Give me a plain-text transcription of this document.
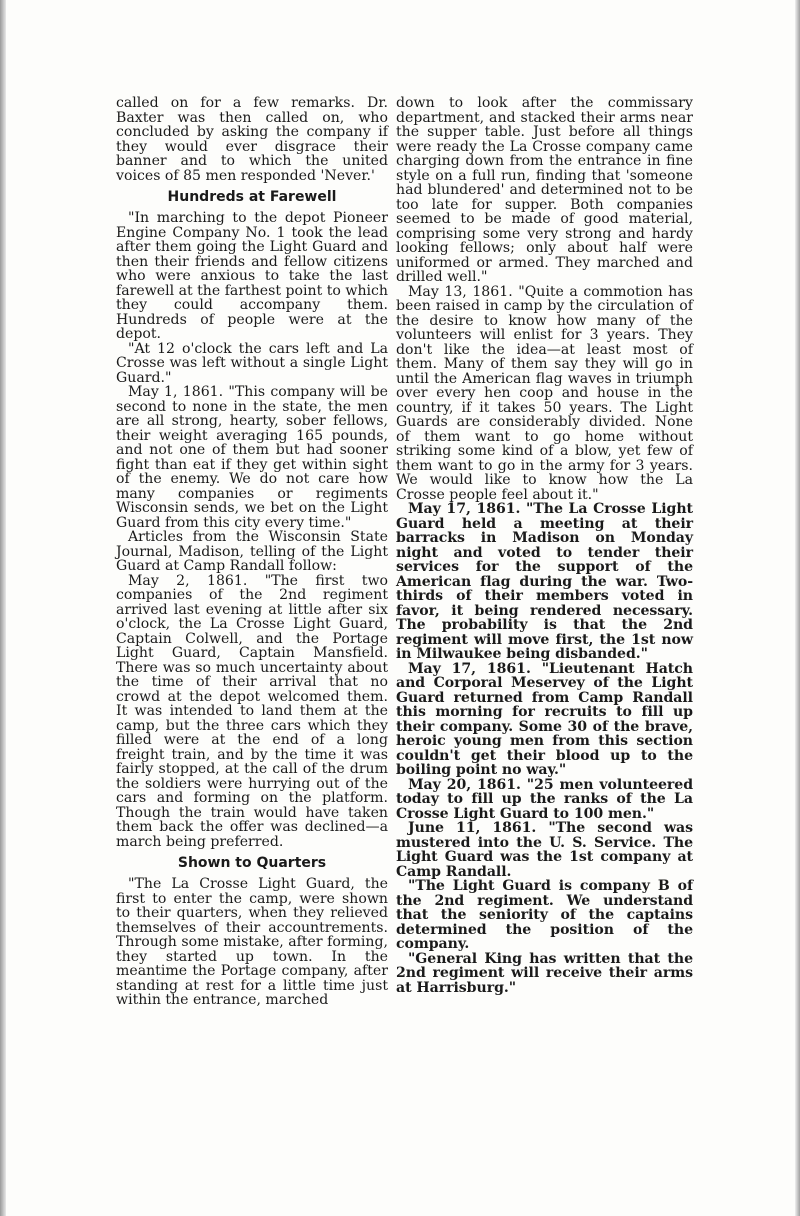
called on for a few remarks. Dr. Baxter was then called on, who concluded by asking the company if they would ever disgrace their banner and to which the united voices of 85 men responded 'Never.'

Hundreds at Farewell

"In marching to the depot Pioneer Engine Company No. 1 took the lead after them going the Light Guard and then their friends and fellow citizens who were anxious to take the last farewell at the farthest point to which they could accompany them. Hundreds of people were at the depot.

"At 12 o'clock the cars left and La Crosse was left without a single Light Guard."

May 1, 1861. "This company will be second to none in the state, the men are all strong, hearty, sober fellows, their weight averaging 165 pounds, and not one of them but had sooner fight than eat if they get within sight of the enemy. We do not care how many companies or regiments Wisconsin sends, we bet on the Light Guard from this city every time."

Articles from the Wisconsin State Journal, Madison, telling of the Light Guard at Camp Randall follow:

May 2, 1861. "The first two companies of the 2nd regiment arrived last evening at little after six o'clock, the La Crosse Light Guard, Captain Colwell, and the Portage Light Guard, Captain Mansfield. There was so much uncertainty about the time of their arrival that no crowd at the depot welcomed them. It was intended to land them at the camp, but the three cars which they filled were at the end of a long freight train, and by the time it was fairly stopped, at the call of the drum the soldiers were hurrying out of the cars and forming on the platform. Though the train would have taken them back the offer was declined—a march being preferred.

Shown to Quarters

"The La Crosse Light Guard, the first to enter the camp, were shown to their quarters, when they relieved themselves of their accountrements. Through some mistake, after forming, they started up town. In the meantime the Portage company, after standing at rest for a little time just within the entrance, marched

down to look after the commissary department, and stacked their arms near the supper table. Just before all things were ready the La Crosse company came charging down from the entrance in fine style on a full run, finding that 'someone had blundered' and determined not to be too late for supper. Both companies seemed to be made of good material, comprising some very strong and hardy looking fellows; only about half were uniformed or armed. They marched and drilled well."

May 13, 1861. "Quite a commotion has been raised in camp by the circulation of the desire to know how many of the volunteers will enlist for 3 years. They don't like the idea—at least most of them. Many of them say they will go in until the American flag waves in triumph over every hen coop and house in the country, if it takes 50 years. The Light Guards are considerably divided. None of them want to go home without striking some kind of a blow, yet few of them want to go in the army for 3 years. We would like to know how the La Crosse people feel about it."

May 17, 1861. "The La Crosse Light Guard held a meeting at their barracks in Madison on Monday night and voted to tender their services for the support of the American flag during the war. Two-thirds of their members voted in favor, it being rendered necessary. The probability is that the 2nd regiment will move first, the 1st now in Milwaukee being disbanded."

May 17, 1861. "Lieutenant Hatch and Corporal Meservey of the Light Guard returned from Camp Randall this morning for recruits to fill up their company. Some 30 of the brave, heroic young men from this section couldn't get their blood up to the boiling point no way."

May 20, 1861. "25 men volunteered today to fill up the ranks of the La Crosse Light Guard to 100 men."

June 11, 1861. "The second was mustered into the U. S. Service. The Light Guard was the 1st company at Camp Randall.

"The Light Guard is company B of the 2nd regiment. We understand that the seniority of the captains determined the position of the company.

"General King has written that the 2nd regiment will receive their arms at Harrisburg."
